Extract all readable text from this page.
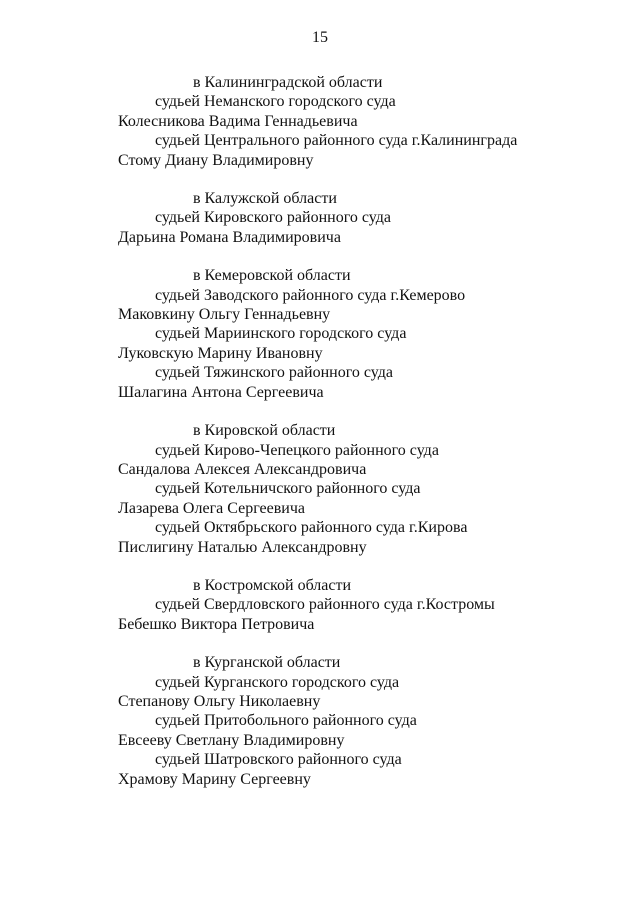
15
в Калининградской области
судьей Неманского городского суда
Колесникова Вадима Геннадьевича
судьей Центрального районного суда г.Калининграда
Стому Диану Владимировну
в Калужской области
судьей Кировского районного суда
Дарьина Романа Владимировича
в Кемеровской области
судьей Заводского районного суда г.Кемерово
Маковкину Ольгу Геннадьевну
судьей Мариинского городского суда
Луковскую Марину Ивановну
судьей Тяжинского районного суда
Шалагина Антона Сергеевича
в Кировской области
судьей Кирово-Чепецкого районного суда
Сандалова Алексея Александровича
судьей Котельничского районного суда
Лазарева Олега Сергеевича
судьей Октябрьского районного суда г.Кирова
Пислигину Наталью Александровну
в Костромской области
судьей Свердловского районного суда г.Костромы
Бебешко Виктора Петровича
в Курганской области
судьей Курганского городского суда
Степанову Ольгу Николаевну
судьей Притобольного районного суда
Евсееву Светлану Владимировну
судьей Шатровского районного суда
Храмову Марину Сергеевну
